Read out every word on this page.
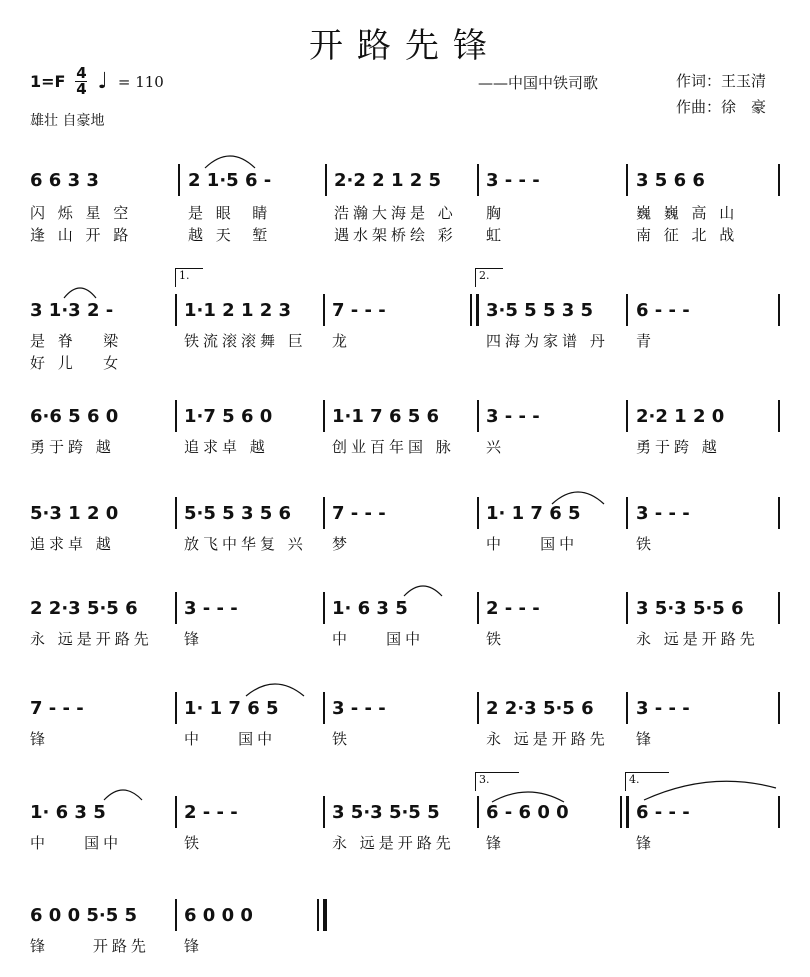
开路先锋
1=F 4
4 ♩ = 110	——中国中铁司歌	作词：王玉清
作曲：徐　豪
雄壮 自豪地
6 6 3 3	2 1·5 6 -	2·2 2 1 2 5 3 - - -	3 5 6 6
闪 烁 星 空	是 眼  睛	浩瀚大海是 心 胸	巍 巍 高 山
逢 山 开 路	越 天  堑	遇水架桥绘 彩 虹	南 征 北 战
1.	2.
3 1·3 2 -	1·1 2 1 2 3 7 - - -	3·5 5 5 3 5 6 - - -
是 脊   梁	铁流滚滚舞 巨 龙	四海为家谱 丹 青
好 儿   女
6·6 5 6 0	1·7 5 6 0	1·1 7 6 5 6	3 - - -	2·2 1 2 0
勇于跨 越	追求卓 越	创业百年国 脉 兴	勇于跨 越
5·3 1 2 0	5·5 5 3 5 6 7 - - -	1· 1 7 6 5	3 - - -
追求卓 越	放飞中华复 兴 梦	中    国中	铁
2 2·3 5·5 6	3 - - -	1· 6 3 5	2 - - -	3 5·3 5·5 6
永 远是开路先 锋	中    国中	铁	永 远是开路先
7 - - -	1· 1 7 6 5	3 - - -	2 2·3 5·5 6 3 - - -
锋	中    国中	铁	永 远是开路先 锋
3.	4.
1· 6 3 5	2 - - -	3 5·3 5·5 5	6 - 6 0 0	6 - - -
中    国中	铁	永 远是开路先 锋	锋
6 0 0 5·5 5	6 0 0 0
锋     开路先 锋
